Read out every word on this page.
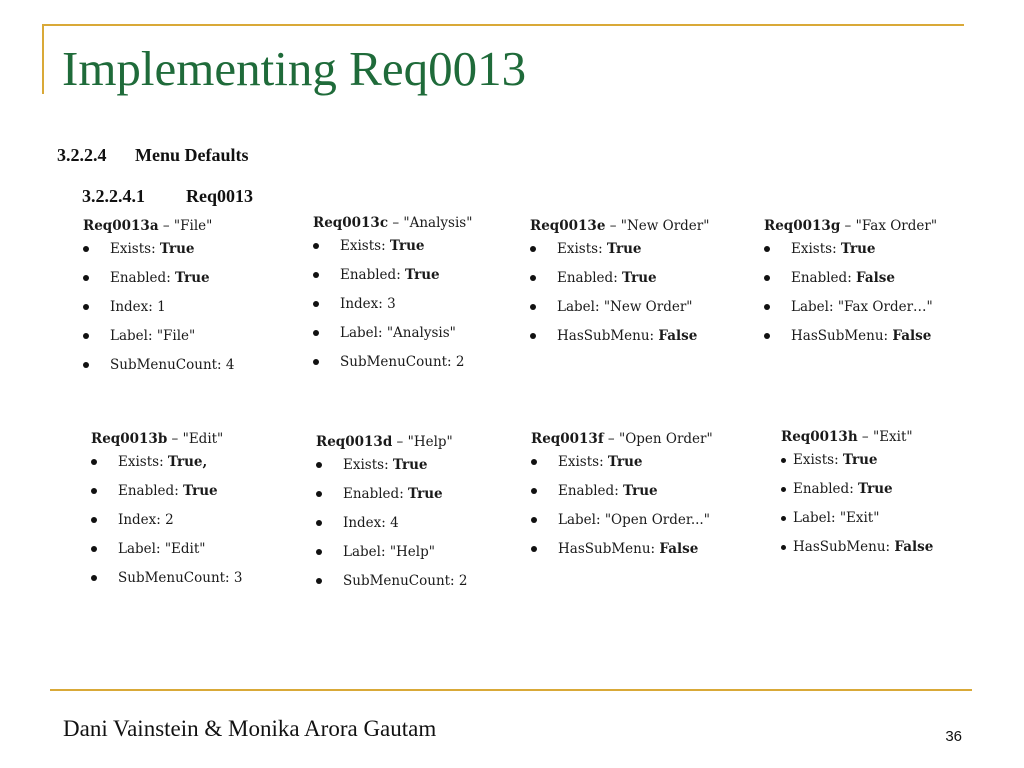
Implementing Req0013
3.2.2.4 Menu Defaults
3.2.2.4.1 Req0013

Req0013a – "File"

Exists: True
Enabled: True
Index: 1
Label: "File"
SubMenuCount: 4

Req0013b – "Edit"

Exists: True,
Enabled: True
Index: 2
Label: "Edit"
SubMenuCount: 3

Req0013c – "Analysis"

Exists: True
Enabled: True
Index: 3
Label: "Analysis"
SubMenuCount: 2

Req0013d – "Help"

Exists: True
Enabled: True
Index: 4
Label: "Help"
SubMenuCount: 2

Req0013e – "New Order"

Exists: True
Enabled: True
Label: "New Order"
HasSubMenu: False

Req0013f – "Open Order"

Exists: True
Enabled: True
Label: "Open Order..."
HasSubMenu: False

Req0013g – "Fax Order"

Exists: True
Enabled: False
Label: "Fax Order…"
HasSubMenu: False

Req0013h – "Exit"

Exists: True
Enabled: True
Label: "Exit"
HasSubMenu: False
Dani Vainstein & Monika Arora Gautam	36
